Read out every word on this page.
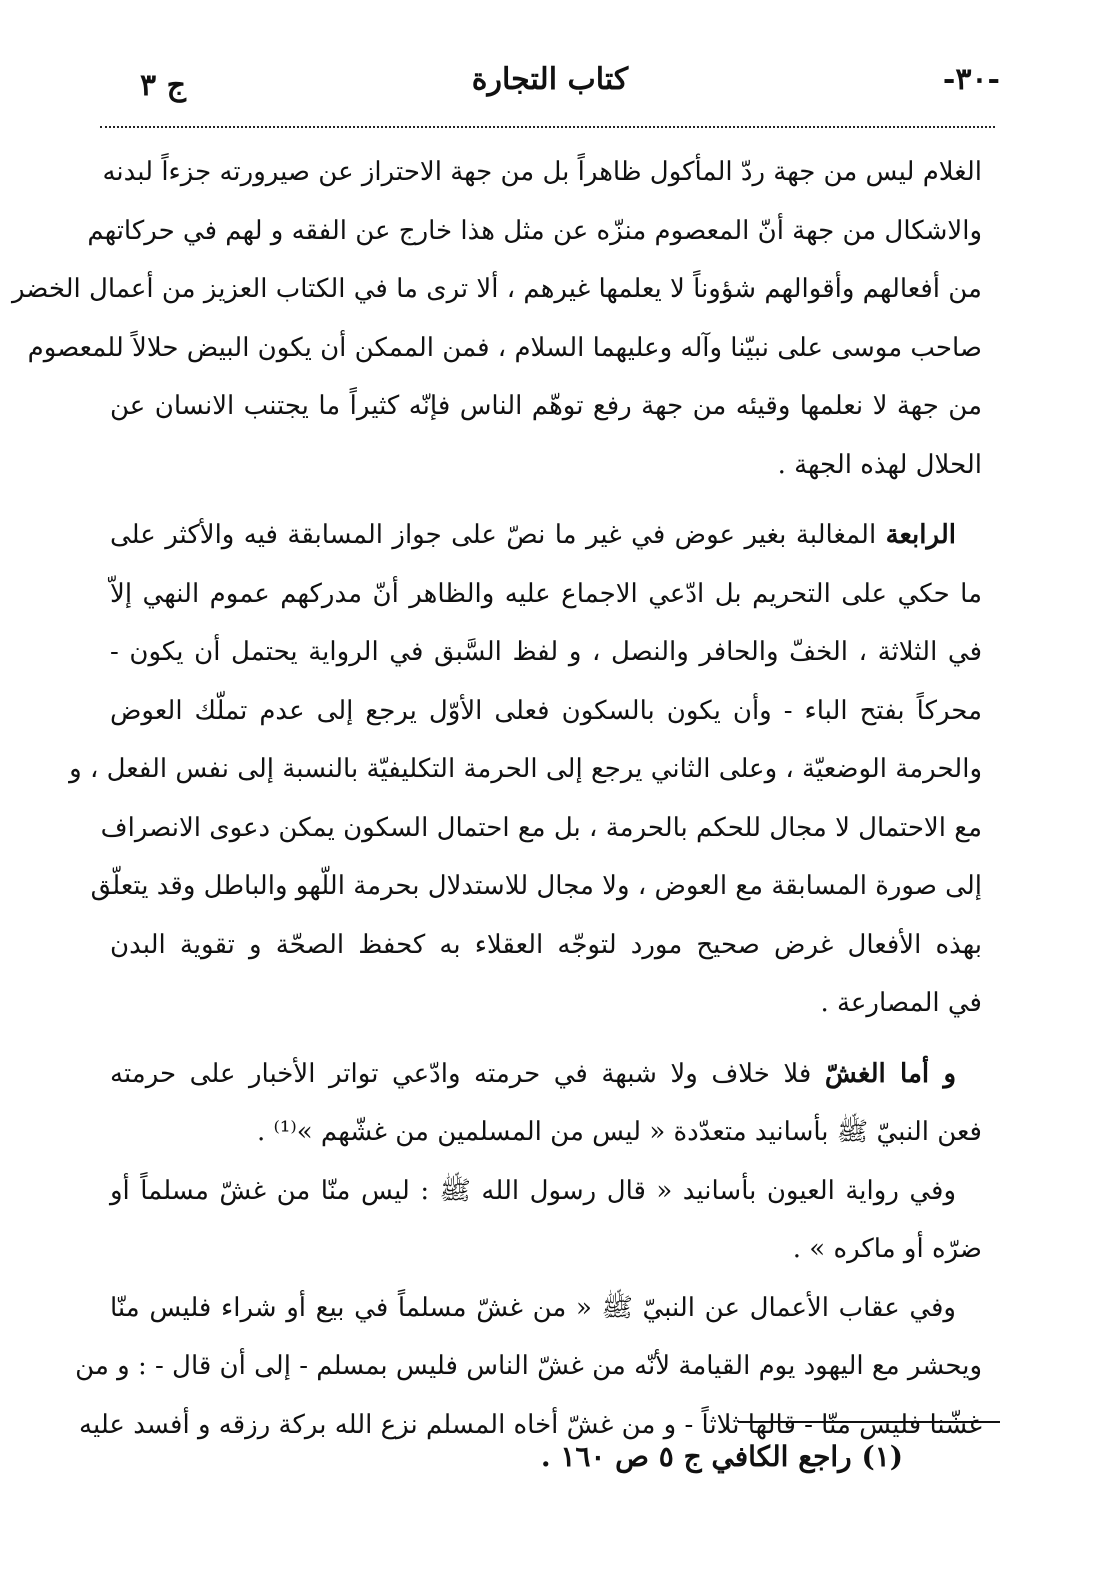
-٣٠-
كتاب التجارة
ج ٣
الغلام ليس من جهة ردّ المأكول ظاهراً بل من جهة الاحتراز عن صيرورته جزءاً لبدنه
والاشكال من جهة أنّ المعصوم منزّه عن مثل هذا خارج عن الفقه و لهم في حركاتهم
من أفعالهم وأقوالهم شؤوناً لا يعلمها غيرهم ، ألا ترى ما في الكتاب العزيز من أعمال الخضر
صاحب موسى على نبيّنا وآله وعليهما السلام ، فمن الممكن أن يكون البيض حلالاً للمعصوم
من جهة لا نعلمها وقيئه من جهة رفع توهّم الناس فإنّه كثيراً ما يجتنب الانسان عن
الحلال لهذه الجهة .
الرابعة المغالبة بغير عوض في غير ما نصّ على جواز المسابقة فيه والأكثر على
ما حكي على التحريم بل ادّعي الاجماع عليه والظاهر أنّ مدركهم عموم النهي إلاّ
في الثلاثة ، الخفّ والحافر والنصل ، و لفظ السَّبق في الرواية يحتمل أن يكون -
محركاً بفتح الباء - وأن يكون بالسكون فعلى الأوّل يرجع إلى عدم تملّك العوض
والحرمة الوضعيّة ، وعلى الثاني يرجع إلى الحرمة التكليفيّة بالنسبة إلى نفس الفعل ، و
مع الاحتمال لا مجال للحكم بالحرمة ، بل مع احتمال السكون يمكن دعوى الانصراف
إلى صورة المسابقة مع العوض ، ولا مجال للاستدلال بحرمة اللّهو والباطل وقد يتعلّق
بهذه الأفعال غرض صحيح مورد لتوجّه العقلاء به كحفظ الصحّة و تقوية البدن
في المصارعة .
و أما الغشّ فلا خلاف ولا شبهة في حرمته وادّعي تواتر الأخبار على حرمته
فعن النبيّ ﷺ بأسانيد متعدّدة « ليس من المسلمين من غشّهم »⁽¹⁾ .
وفي رواية العيون بأسانيد « قال رسول الله ﷺ : ليس منّا من غشّ مسلماً أو
ضرّه أو ماكره » .
وفي عقاب الأعمال عن النبيّ ﷺ « من غشّ مسلماً في بيع أو شراء فليس منّا
ويحشر مع اليهود يوم القيامة لأنّه من غشّ الناس فليس بمسلم - إلى أن قال - : و من
غشّنا فليس منّا - قالها ثلاثاً - و من غشّ أخاه المسلم نزع الله بركة رزقه و أفسد عليه
(١) راجع الكافي ج ٥ ص ١٦٠ .
